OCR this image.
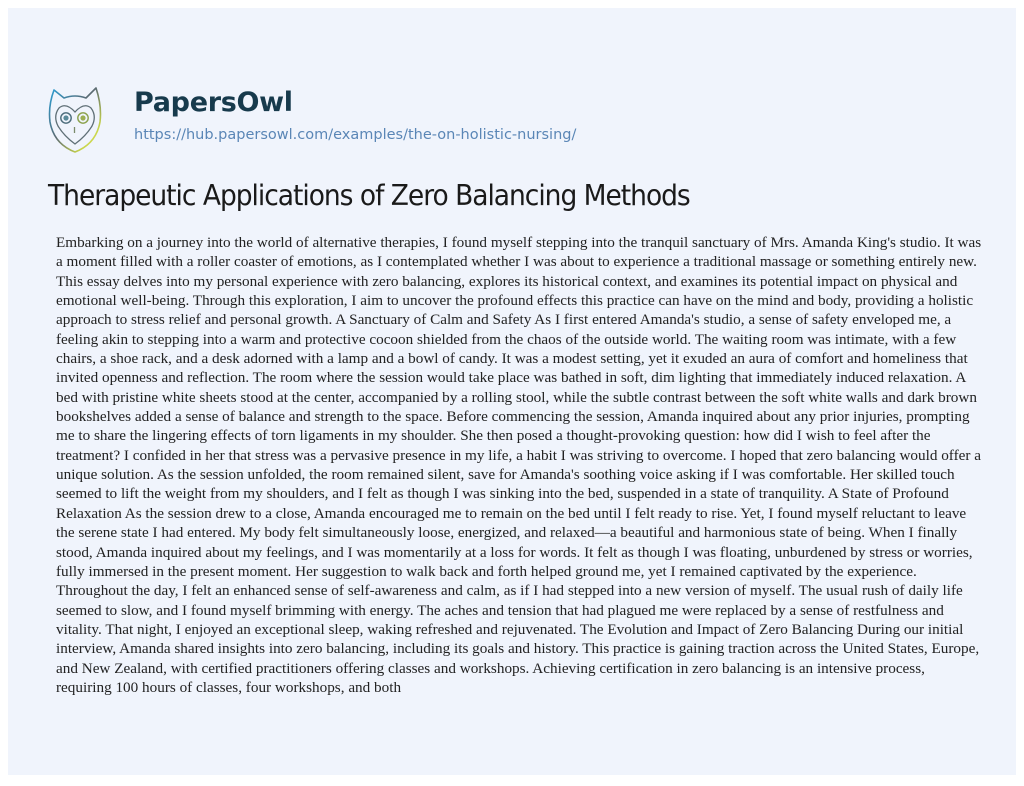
PapersOwl
https://hub.papersowl.com/examples/the-on-holistic-nursing/
Therapeutic Applications of Zero Balancing Methods

Embarking on a journey into the world of alternative therapies, I found myself stepping into the tranquil sanctuary of Mrs. Amanda King's studio. It was a moment filled with a roller coaster of emotions, as I contemplated whether I was about to experience a traditional massage or something entirely new. This essay delves into my personal experience with zero balancing, explores its historical context, and examines its potential impact on physical and emotional well-being. Through this exploration, I aim to uncover the profound effects this practice can have on the mind and body, providing a holistic approach to stress relief and personal growth. A Sanctuary of Calm and Safety As I first entered Amanda's studio, a sense of safety enveloped me, a feeling akin to stepping into a warm and protective cocoon shielded from the chaos of the outside world. The waiting room was intimate, with a few chairs, a shoe rack, and a desk adorned with a lamp and a bowl of candy. It was a modest setting, yet it exuded an aura of comfort and homeliness that invited openness and reflection. The room where the session would take place was bathed in soft, dim lighting that immediately induced relaxation. A bed with pristine white sheets stood at the center, accompanied by a rolling stool, while the subtle contrast between the soft white walls and dark brown bookshelves added a sense of balance and strength to the space. Before commencing the session, Amanda inquired about any prior injuries, prompting me to share the lingering effects of torn ligaments in my shoulder. She then posed a thought-provoking question: how did I wish to feel after the treatment? I confided in her that stress was a pervasive presence in my life, a habit I was striving to overcome. I hoped that zero balancing would offer a unique solution. As the session unfolded, the room remained silent, save for Amanda's soothing voice asking if I was comfortable. Her skilled touch seemed to lift the weight from my shoulders, and I felt as though I was sinking into the bed, suspended in a state of tranquility. A State of Profound Relaxation As the session drew to a close, Amanda encouraged me to remain on the bed until I felt ready to rise. Yet, I found myself reluctant to leave the serene state I had entered. My body felt simultaneously loose, energized, and relaxed—a beautiful and harmonious state of being. When I finally stood, Amanda inquired about my feelings, and I was momentarily at a loss for words. It felt as though I was floating, unburdened by stress or worries, fully immersed in the present moment. Her suggestion to walk back and forth helped ground me, yet I remained captivated by the experience. Throughout the day, I felt an enhanced sense of self-awareness and calm, as if I had stepped into a new version of myself. The usual rush of daily life seemed to slow, and I found myself brimming with energy. The aches and tension that had plagued me were replaced by a sense of restfulness and vitality. That night, I enjoyed an exceptional sleep, waking refreshed and rejuvenated. The Evolution and Impact of Zero Balancing During our initial interview, Amanda shared insights into zero balancing, including its goals and history. This practice is gaining traction across the United States, Europe, and New Zealand, with certified practitioners offering classes and workshops. Achieving certification in zero balancing is an intensive process, requiring 100 hours of classes, four workshops, and both
